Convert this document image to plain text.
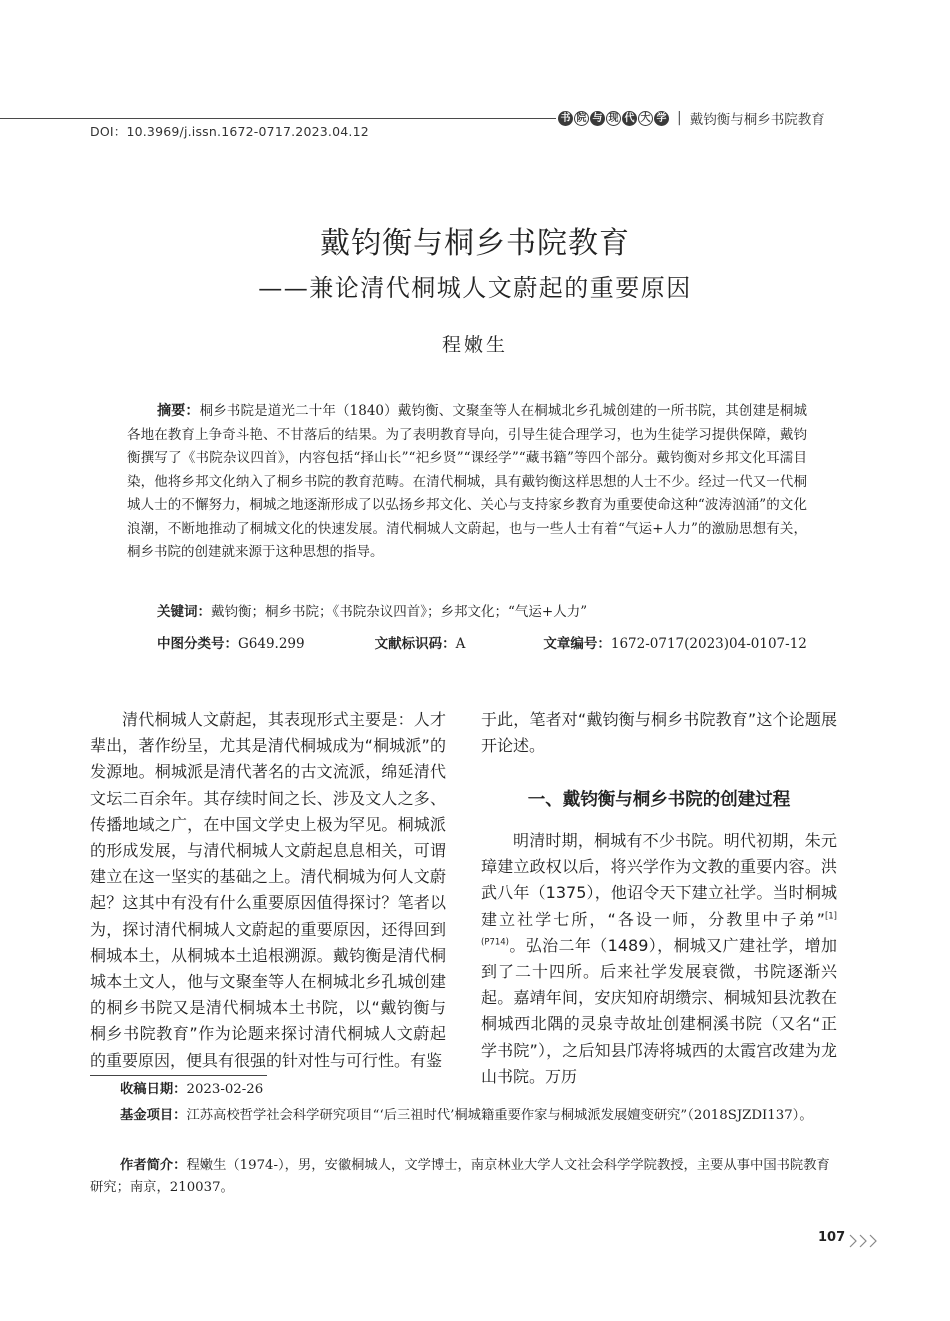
书 院 与 现 代 大 学 | 戴钧衡与桐乡书院教育
DOI：10.3969/j.issn.1672-0717.2023.04.12
戴钧衡与桐乡书院教育
——兼论清代桐城人文蔚起的重要原因
程嫩生
摘要：桐乡书院是道光二十年（1840）戴钧衡、文聚奎等人在桐城北乡孔城创建的一所书院，其创建是桐城各地在教育上争奇斗艳、不甘落后的结果。为了表明教育导向，引导生徒合理学习，也为生徒学习提供保障，戴钧衡撰写了《书院杂议四首》，内容包括“择山长”“祀乡贤”“课经学”“藏书籍”等四个部分。戴钧衡对乡邦文化耳濡目染，他将乡邦文化纳入了桐乡书院的教育范畴。在清代桐城，具有戴钧衡这样思想的人士不少。经过一代又一代桐城人士的不懈努力，桐城之地逐渐形成了以弘扬乡邦文化、关心与支持家乡教育为重要使命这种“波涛汹涌”的文化浪潮，不断地推动了桐城文化的快速发展。清代桐城人文蔚起，也与一些人士有着“气运+人力”的激励思想有关，桐乡书院的创建就来源于这种思想的指导。
关键词：戴钧衡；桐乡书院；《书院杂议四首》；乡邦文化；“气运+人力”
中图分类号：G649.299	文献标识码：A	文章编号：1672-0717(2023)04-0107-12

清代桐城人文蔚起，其表现形式主要是：人才辈出，著作纷呈，尤其是清代桐城成为“桐城派”的发源地。桐城派是清代著名的古文流派，绵延清代文坛二百余年。其存续时间之长、涉及文人之多、传播地域之广，在中国文学史上极为罕见。桐城派的形成发展，与清代桐城人文蔚起息息相关，可谓建立在这一坚实的基础之上。清代桐城为何人文蔚起？这其中有没有什么重要原因值得探讨？笔者以为，探讨清代桐城人文蔚起的重要原因，还得回到桐城本土，从桐城本土追根溯源。戴钧衡是清代桐城本土文人，他与文聚奎等人在桐城北乡孔城创建的桐乡书院又是清代桐城本土书院，以“戴钧衡与桐乡书院教育”作为论题来探讨清代桐城人文蔚起的重要原因，便具有很强的针对性与可行性。有鉴

于此，笔者对“戴钧衡与桐乡书院教育”这个论题展开论述。

一、戴钧衡与桐乡书院的创建过程

明清时期，桐城有不少书院。明代初期，朱元璋建立政权以后，将兴学作为文教的重要内容。洪武八年（1375），他诏令天下建立社学。当时桐城建立社学七所，“各设一师，分教里中子弟”$^{[1](P714)}$。弘治二年（1489），桐城又广建社学，增加到了二十四所。后来社学发展衰微，书院逐渐兴起。嘉靖年间，安庆知府胡缵宗、桐城知县沈教在桐城西北隅的灵泉寺故址创建桐溪书院（又名“正学书院”），之后知县邝涛将城西的太霞宫改建为龙山书院。万历

收稿日期：2023-02-26
基金项目：江苏高校哲学社会科学研究项目“‘后三祖时代’桐城籍重要作家与桐城派发展嬗变研究”（2018SJZDI137）。
作者简介：程嫩生（1974-），男，安徽桐城人，文学博士，南京林业大学人文社会科学学院教授，主要从事中国书院教育研究；南京，210037。
107
